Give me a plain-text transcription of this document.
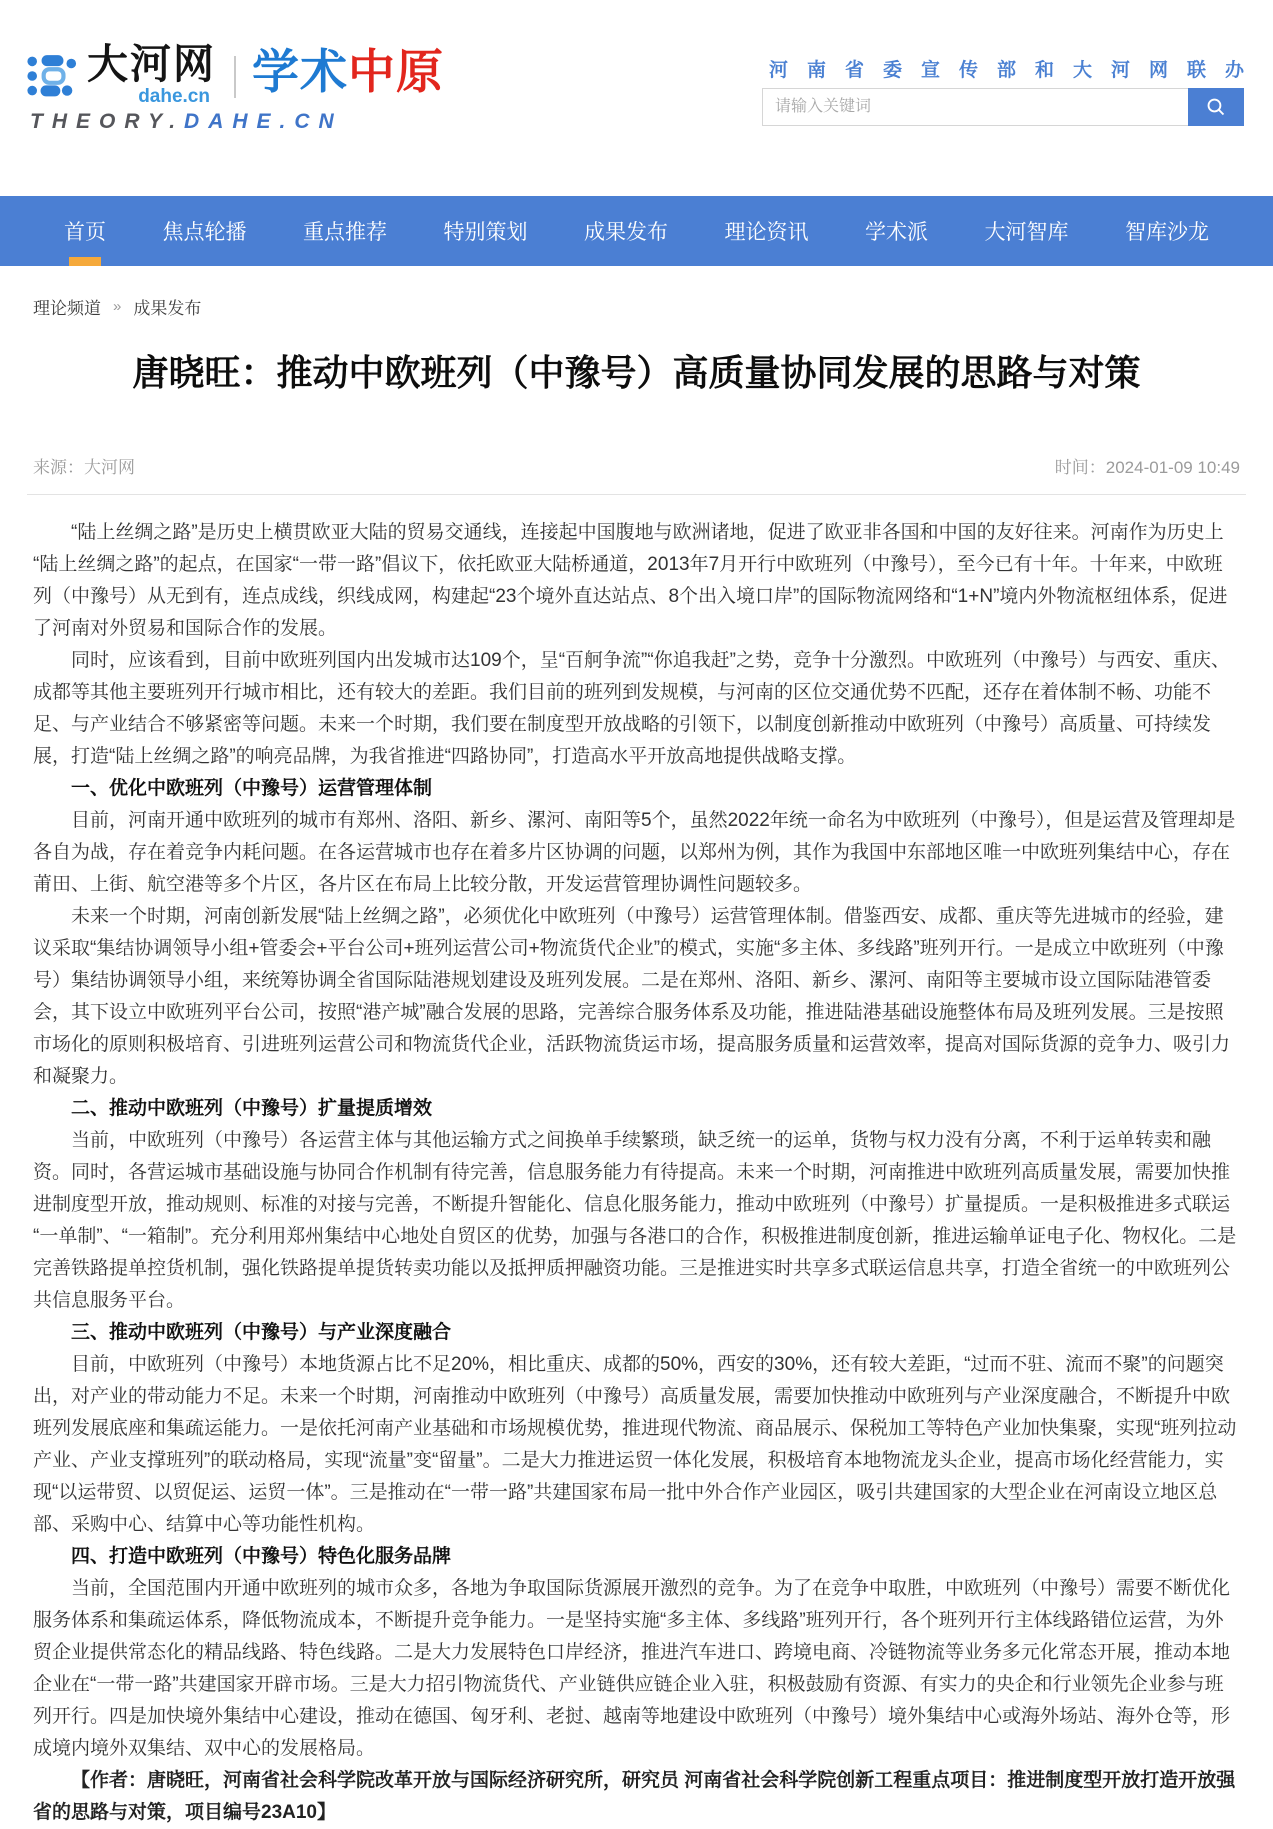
大河网
dahe.cn 学术中原
THEORY.DAHE.CN
河南省委宣传部和大河网联办
请输入关键词
首页	焦点轮播	重点推荐	特别策划	成果发布	理论资讯	学术派	大河智库	智库沙龙
理论频道 » 成果发布
唐晓旺：推动中欧班列（中豫号）高质量协同发展的思路与对策
来源：大河网	时间：2024-01-09 10:49

“陆上丝绸之路”是历史上横贯欧亚大陆的贸易交通线，连接起中国腹地与欧洲诸地，促进了欧亚非各国和中国的友好往来。河南作为历史上“陆上丝绸之路”的起点，在国家“一带一路”倡议下，依托欧亚大陆桥通道，2013年7月开行中欧班列（中豫号），至今已有十年。十年来，中欧班列（中豫号）从无到有，连点成线，织线成网，构建起“23个境外直达站点、8个出入境口岸”的国际物流网络和“1+N”境内外物流枢纽体系，促进了河南对外贸易和国际合作的发展。

同时，应该看到，目前中欧班列国内出发城市达109个，呈“百舸争流”“你追我赶”之势，竞争十分激烈。中欧班列（中豫号）与西安、重庆、成都等其他主要班列开行城市相比，还有较大的差距。我们目前的班列到发规模，与河南的区位交通优势不匹配，还存在着体制不畅、功能不足、与产业结合不够紧密等问题。未来一个时期，我们要在制度型开放战略的引领下，以制度创新推动中欧班列（中豫号）高质量、可持续发展，打造“陆上丝绸之路”的响亮品牌，为我省推进“四路协同”，打造高水平开放高地提供战略支撑。

一、优化中欧班列（中豫号）运营管理体制

目前，河南开通中欧班列的城市有郑州、洛阳、新乡、漯河、南阳等5个，虽然2022年统一命名为中欧班列（中豫号），但是运营及管理却是各自为战，存在着竞争内耗问题。在各运营城市也存在着多片区协调的问题，以郑州为例，其作为我国中东部地区唯一中欧班列集结中心，存在莆田、上街、航空港等多个片区，各片区在布局上比较分散，开发运营管理协调性问题较多。

未来一个时期，河南创新发展“陆上丝绸之路”，必须优化中欧班列（中豫号）运营管理体制。借鉴西安、成都、重庆等先进城市的经验，建议采取“集结协调领导小组+管委会+平台公司+班列运营公司+物流货代企业”的模式，实施“多主体、多线路”班列开行。一是成立中欧班列（中豫号）集结协调领导小组，来统筹协调全省国际陆港规划建设及班列发展。二是在郑州、洛阳、新乡、漯河、南阳等主要城市设立国际陆港管委会，其下设立中欧班列平台公司，按照“港产城”融合发展的思路，完善综合服务体系及功能，推进陆港基础设施整体布局及班列发展。三是按照市场化的原则积极培育、引进班列运营公司和物流货代企业，活跃物流货运市场，提高服务质量和运营效率，提高对国际货源的竞争力、吸引力和凝聚力。

二、推动中欧班列（中豫号）扩量提质增效

当前，中欧班列（中豫号）各运营主体与其他运输方式之间换单手续繁琐，缺乏统一的运单，货物与权力没有分离，不利于运单转卖和融资。同时，各营运城市基础设施与协同合作机制有待完善，信息服务能力有待提高。未来一个时期，河南推进中欧班列高质量发展，需要加快推进制度型开放，推动规则、标准的对接与完善，不断提升智能化、信息化服务能力，推动中欧班列（中豫号）扩量提质。一是积极推进多式联运“一单制”、“一箱制”。充分利用郑州集结中心地处自贸区的优势，加强与各港口的合作，积极推进制度创新，推进运输单证电子化、物权化。二是完善铁路提单控货机制，强化铁路提单提货转卖功能以及抵押质押融资功能。三是推进实时共享多式联运信息共享，打造全省统一的中欧班列公共信息服务平台。

三、推动中欧班列（中豫号）与产业深度融合

目前，中欧班列（中豫号）本地货源占比不足20%，相比重庆、成都的50%，西安的30%，还有较大差距，“过而不驻、流而不聚”的问题突出，对产业的带动能力不足。未来一个时期，河南推动中欧班列（中豫号）高质量发展，需要加快推动中欧班列与产业深度融合，不断提升中欧班列发展底座和集疏运能力。一是依托河南产业基础和市场规模优势，推进现代物流、商品展示、保税加工等特色产业加快集聚，实现“班列拉动产业、产业支撑班列”的联动格局，实现“流量”变“留量”。二是大力推进运贸一体化发展，积极培育本地物流龙头企业，提高市场化经营能力，实现“以运带贸、以贸促运、运贸一体”。三是推动在“一带一路”共建国家布局一批中外合作产业园区，吸引共建国家的大型企业在河南设立地区总部、采购中心、结算中心等功能性机构。

四、打造中欧班列（中豫号）特色化服务品牌

当前，全国范围内开通中欧班列的城市众多，各地为争取国际货源展开激烈的竞争。为了在竞争中取胜，中欧班列（中豫号）需要不断优化服务体系和集疏运体系，降低物流成本，不断提升竞争能力。一是坚持实施“多主体、多线路”班列开行，各个班列开行主体线路错位运营，为外贸企业提供常态化的精品线路、特色线路。二是大力发展特色口岸经济，推进汽车进口、跨境电商、冷链物流等业务多元化常态开展，推动本地企业在“一带一路”共建国家开辟市场。三是大力招引物流货代、产业链供应链企业入驻，积极鼓励有资源、有实力的央企和行业领先企业参与班列开行。四是加快境外集结中心建设，推动在德国、匈牙利、老挝、越南等地建设中欧班列（中豫号）境外集结中心或海外场站、海外仓等，形成境内境外双集结、双中心的发展格局。

【作者：唐晓旺，河南省社会科学院改革开放与国际经济研究所，研究员 河南省社会科学院创新工程重点项目：推进制度型开放打造开放强省的思路与对策，项目编号23A10】
